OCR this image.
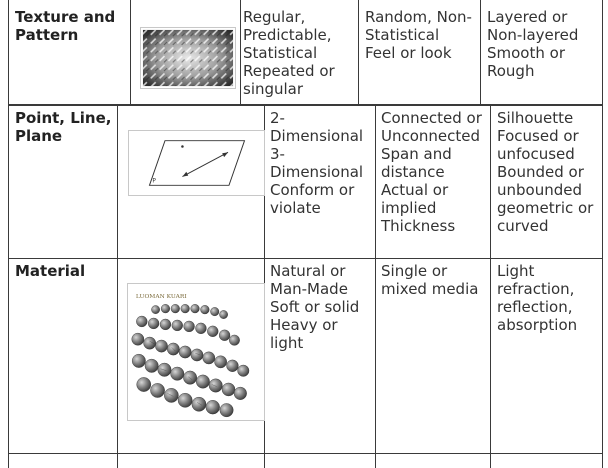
Texture and Pattern
Regular,
Predictable,
Statistical
Repeated or
singular
Random, Non-
Statistical
Feel or look
Layered or
Non-layered
Smooth or
Rough
Point, Line,
Plane
P
2-
Dimensional
3-
Dimensional
Conform or
violate
Connected or
Unconnected
Span and
distance
Actual or
implied
Thickness
Silhouette
Focused or
unfocused
Bounded or
unbounded
geometric or
curved
Material
LUOMAN KUARI
Natural or
Man-Made
Soft or solid
Heavy or
light
Single or
mixed media
Light
refraction,
reflection,
absorption
